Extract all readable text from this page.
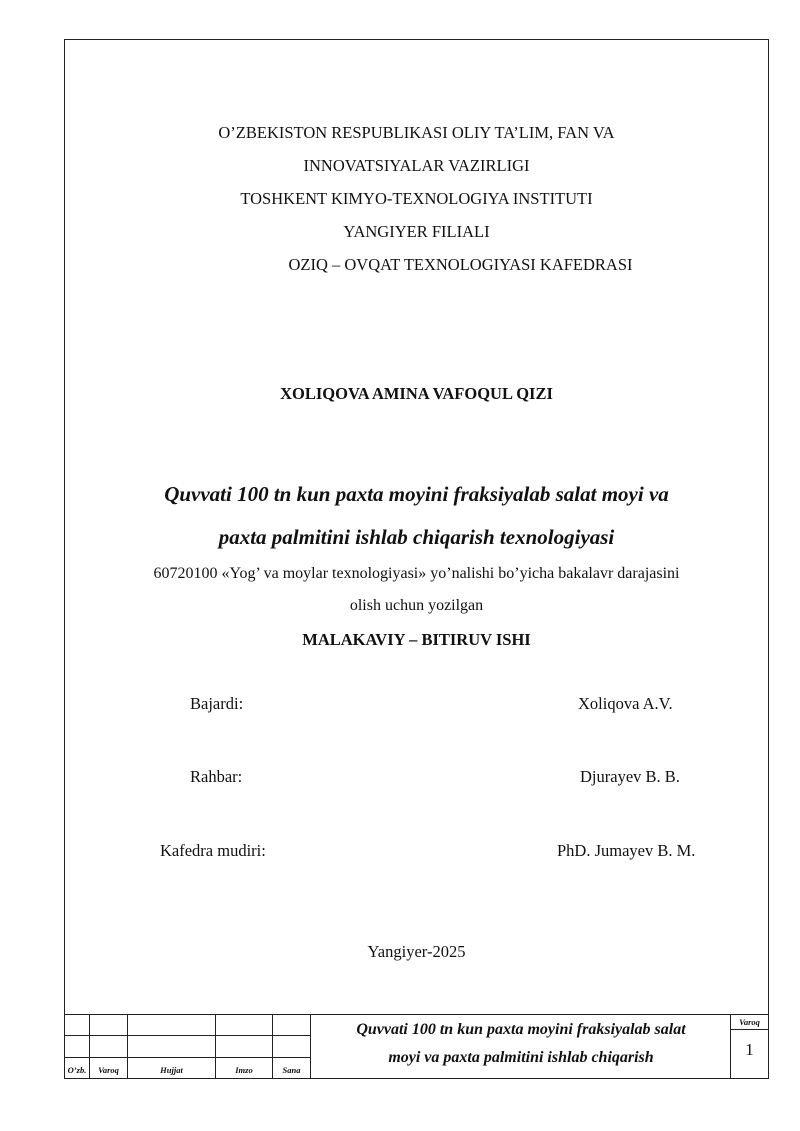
O’ZBEKISTON RESPUBLIKASI OLIY TA’LIM, FAN VA
INNOVATSIYALAR VAZIRLIGI
TOSHKENT KIMYO-TEXNOLOGIYA INSTITUTI
YANGIYER FILIALI
OZIQ – OVQAT TEXNOLOGIYASI KAFEDRASI
XOLIQOVA AMINA VAFOQUL QIZI
Quvvati 100 tn kun paxta moyini fraksiyalab salat moyi va
paxta palmitini ishlab chiqarish texnologiyasi
60720100 «Yog’ va moylar texnologiyasi» yo’nalishi bo’yicha bakalavr darajasini
olish uchun yozilgan
MALAKAVIY – BITIRUV ISHI
Bajardi:	Xoliqova A.V.
Rahbar:	Djurayev B. B.
Kafedra mudiri:	PhD. Jumayev B. M.
Yangiyer-2025
O’zb.	Varoq	Hujjat	Imzo	Sana
Quvvati 100 tn kun paxta moyini fraksiyalab salat
moyi va paxta palmitini ishlab chiqarish
Varoq
1
